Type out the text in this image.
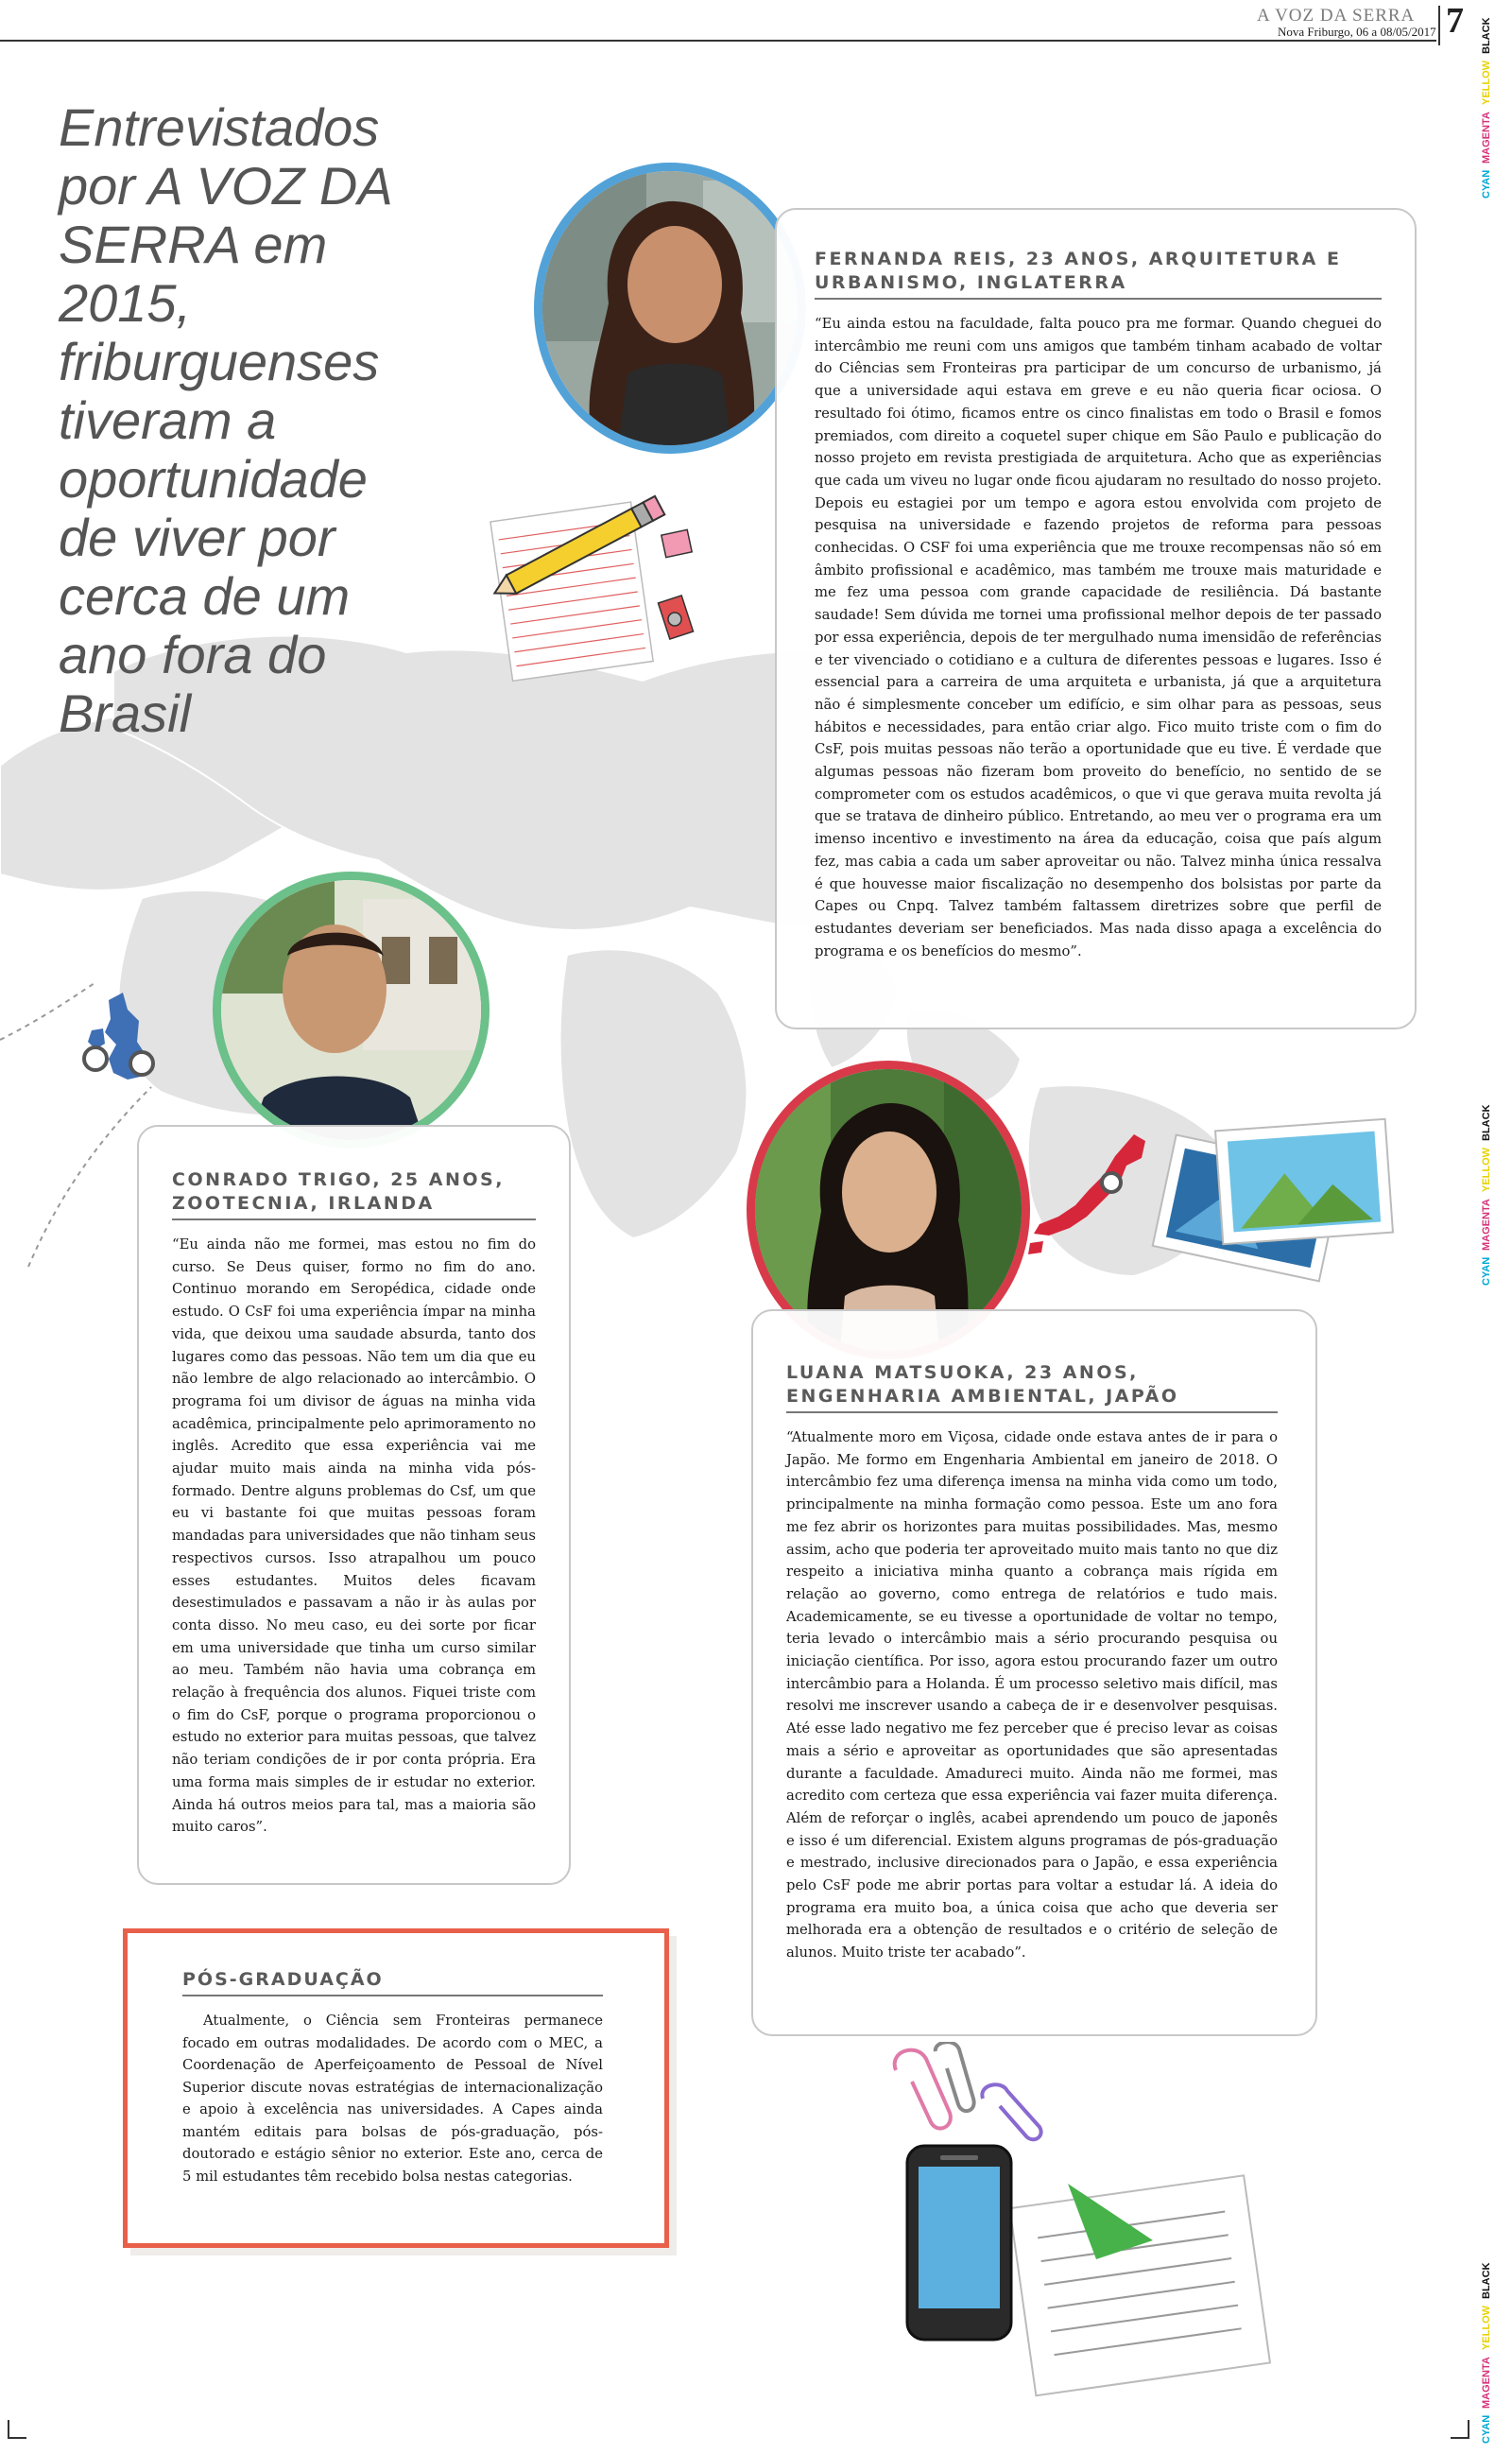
A VOZ DA SERRA
Nova Friburgo, 06 a 08/05/2017 7
CYAN MAGENTA YELLOW BLACK
CYAN MAGENTA YELLOW BLACK
CYAN MAGENTA YELLOW BLACK
Entrevistados por A VOZ DA SERRA em 2015, friburguenses tiveram a oportunidade de viver por cerca de um ano fora do Brasil
FERNANDA REIS, 23 ANOS, ARQUITETURA E URBANISMO, INGLATERRA
“Eu ainda estou na faculdade, falta pouco pra me formar. Quando cheguei do intercâmbio me reuni com uns amigos que também tinham acabado de voltar do Ciências sem Fronteiras pra participar de um concurso de urbanismo, já que a universidade aqui estava em greve e eu não queria ficar ociosa. O resultado foi ótimo, ficamos entre os cinco finalistas em todo o Brasil e fomos premiados, com direito a coquetel super chique em São Paulo e publicação do nosso projeto em revista prestigiada de arquitetura. Acho que as experiências que cada um viveu no lugar onde ficou ajudaram no resultado do nosso projeto. Depois eu estagiei por um tempo e agora estou envolvida com projeto de pesquisa na universidade e fazendo projetos de reforma para pessoas conhecidas. O CSF foi uma experiência que me trouxe recompensas não só em âmbito profissional e acadêmico, mas também me trouxe mais maturidade e me fez uma pessoa com grande capacidade de resiliência. Dá bastante saudade! Sem dúvida me tornei uma profissional melhor depois de ter passado por essa experiência, depois de ter mergulhado numa imensidão de referências e ter vivenciado o cotidiano e a cultura de diferentes pessoas e lugares. Isso é essencial para a carreira de uma arquiteta e urbanista, já que a arquitetura não é simplesmente conceber um edifício, e sim olhar para as pessoas, seus hábitos e necessidades, para então criar algo. Fico muito triste com o fim do CsF, pois muitas pessoas não terão a oportunidade que eu tive. É verdade que algumas pessoas não fizeram bom proveito do benefício, no sentido de se comprometer com os estudos acadêmicos, o que vi que gerava muita revolta já que se tratava de dinheiro público. Entretando, ao meu ver o programa era um imenso incentivo e investimento na área da educação, coisa que país algum fez, mas cabia a cada um saber aproveitar ou não. Talvez minha única ressalva é que houvesse maior fiscalização no desempenho dos bolsistas por parte da Capes ou Cnpq. Talvez também faltassem diretrizes sobre que perfil de estudantes deveriam ser beneficiados. Mas nada disso apaga a excelência do programa e os benefícios do mesmo”.
CONRADO TRIGO, 25 ANOS, ZOOTECNIA, IRLANDA
“Eu ainda não me formei, mas estou no fim do curso. Se Deus quiser, formo no fim do ano. Continuo morando em Seropédica, cidade onde estudo. O CsF foi uma experiência ímpar na minha vida, que deixou uma saudade absurda, tanto dos lugares como das pessoas. Não tem um dia que eu não lembre de algo relacionado ao intercâmbio. O programa foi um divisor de águas na minha vida acadêmica, principalmente pelo aprimoramento no inglês. Acredito que essa experiência vai me ajudar muito mais ainda na minha vida pós-formado. Dentre alguns problemas do Csf, um que eu vi bastante foi que muitas pessoas foram mandadas para universidades que não tinham seus respectivos cursos. Isso atrapalhou um pouco esses estudantes. Muitos deles ficavam desestimulados e passavam a não ir às aulas por conta disso. No meu caso, eu dei sorte por ficar em uma universidade que tinha um curso similar ao meu. Também não havia uma cobrança em relação à frequência dos alunos. Fiquei triste com o fim do CsF, porque o programa proporcionou o estudo no exterior para muitas pessoas, que talvez não teriam condições de ir por conta própria. Era uma forma mais simples de ir estudar no exterior. Ainda há outros meios para tal, mas a maioria são muito caros”.
LUANA MATSUOKA, 23 ANOS, ENGENHARIA AMBIENTAL, JAPÃO
“Atualmente moro em Viçosa, cidade onde estava antes de ir para o Japão. Me formo em Engenharia Ambiental em janeiro de 2018. O intercâmbio fez uma diferença imensa na minha vida como um todo, principalmente na minha formação como pessoa. Este um ano fora me fez abrir os horizontes para muitas possibilidades. Mas, mesmo assim, acho que poderia ter aproveitado muito mais tanto no que diz respeito a iniciativa minha quanto a cobrança mais rígida em relação ao governo, como entrega de relatórios e tudo mais. Academicamente, se eu tivesse a oportunidade de voltar no tempo, teria levado o intercâmbio mais a sério procurando pesquisa ou iniciação científica. Por isso, agora estou procurando fazer um outro intercâmbio para a Holanda. É um processo seletivo mais difícil, mas resolvi me inscrever usando a cabeça de ir e desenvolver pesquisas. Até esse lado negativo me fez perceber que é preciso levar as coisas mais a sério e aproveitar as oportunidades que são apresentadas durante a faculdade. Amadureci muito. Ainda não me formei, mas acredito com certeza que essa experiência vai fazer muita diferença. Além de reforçar o inglês, acabei aprendendo um pouco de japonês e isso é um diferencial. Existem alguns programas de pós-graduação e mestrado, inclusive direcionados para o Japão, e essa experiência pelo CsF pode me abrir portas para voltar a estudar lá. A ideia do programa era muito boa, a única coisa que acho que deveria ser melhorada era a obtenção de resultados e o critério de seleção de alunos. Muito triste ter acabado”.
PÓS-GRADUAÇÃO
Atualmente, o Ciência sem Fronteiras permanece focado em outras modalidades. De acordo com o MEC, a Coordenação de Aperfeiçoamento de Pessoal de Nível Superior discute novas estratégias de internacionalização e apoio à excelência nas universidades. A Capes ainda mantém editais para bolsas de pós-graduação, pós-doutorado e estágio sênior no exterior. Este ano, cerca de 5 mil estudantes têm recebido bolsa nestas categorias.
